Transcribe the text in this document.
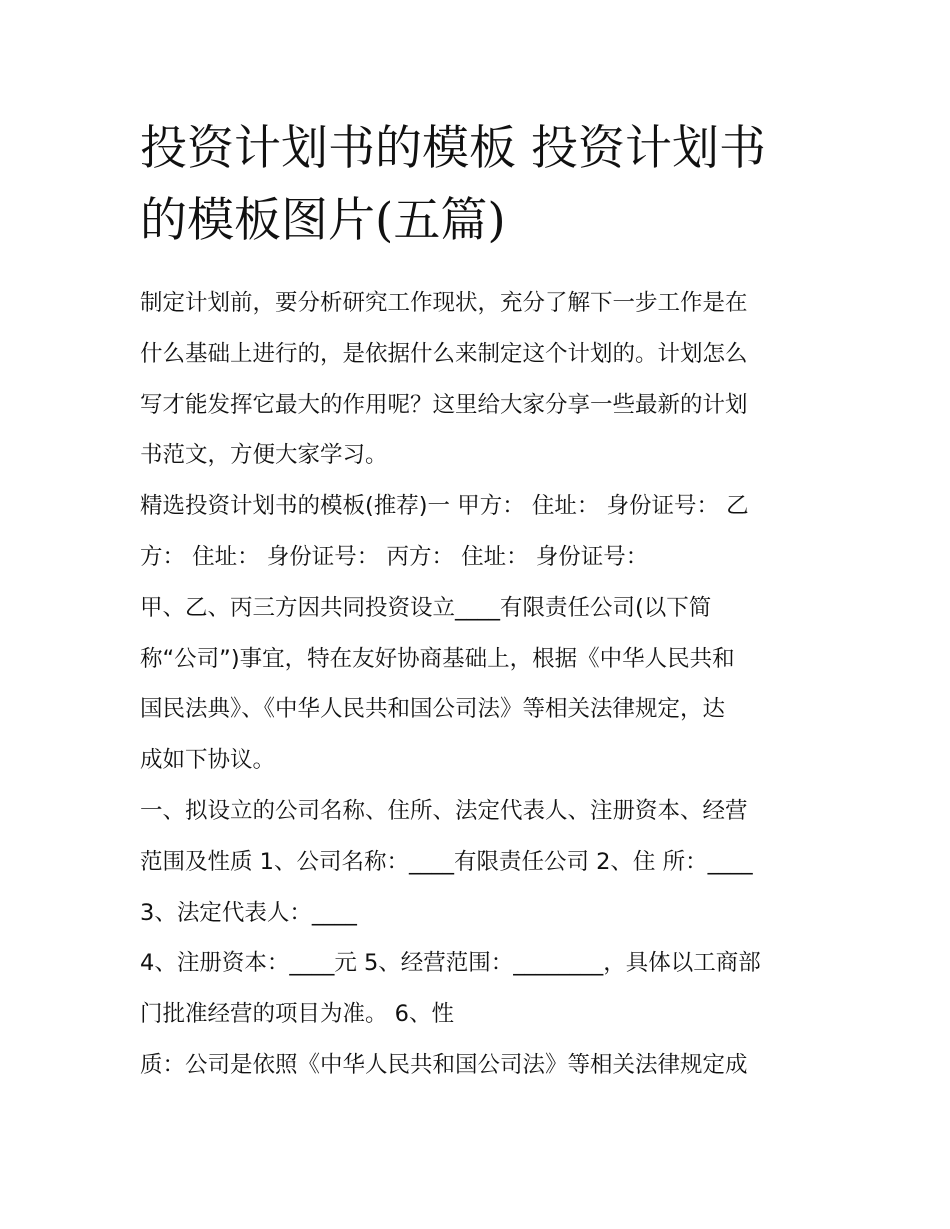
投资计划书的模板 投资计划书
的模板图片(五篇)
制定计划前，要分析研究工作现状，充分了解下一步工作是在
什么基础上进行的，是依据什么来制定这个计划的。计划怎么
写才能发挥它最大的作用呢？这里给大家分享一些最新的计划
书范文，方便大家学习。
精选投资计划书的模板(推荐)一 甲方： 住址： 身份证号： 乙
方： 住址： 身份证号： 丙方： 住址： 身份证号：
甲、乙、丙三方因共同投资设立____有限责任公司(以下简
称“公司”)事宜，特在友好协商基础上，根据《中华人民共和
国民法典》、《中华人民共和国公司法》等相关法律规定，达
成如下协议。
一、拟设立的公司名称、住所、法定代表人、注册资本、经营
范围及性质 1、公司名称：____有限责任公司 2、住 所：____
3、法定代表人：____
4、注册资本：____元 5、经营范围：________，具体以工商部
门批准经营的项目为准。 6、性
质：公司是依照《中华人民共和国公司法》等相关法律规定成
